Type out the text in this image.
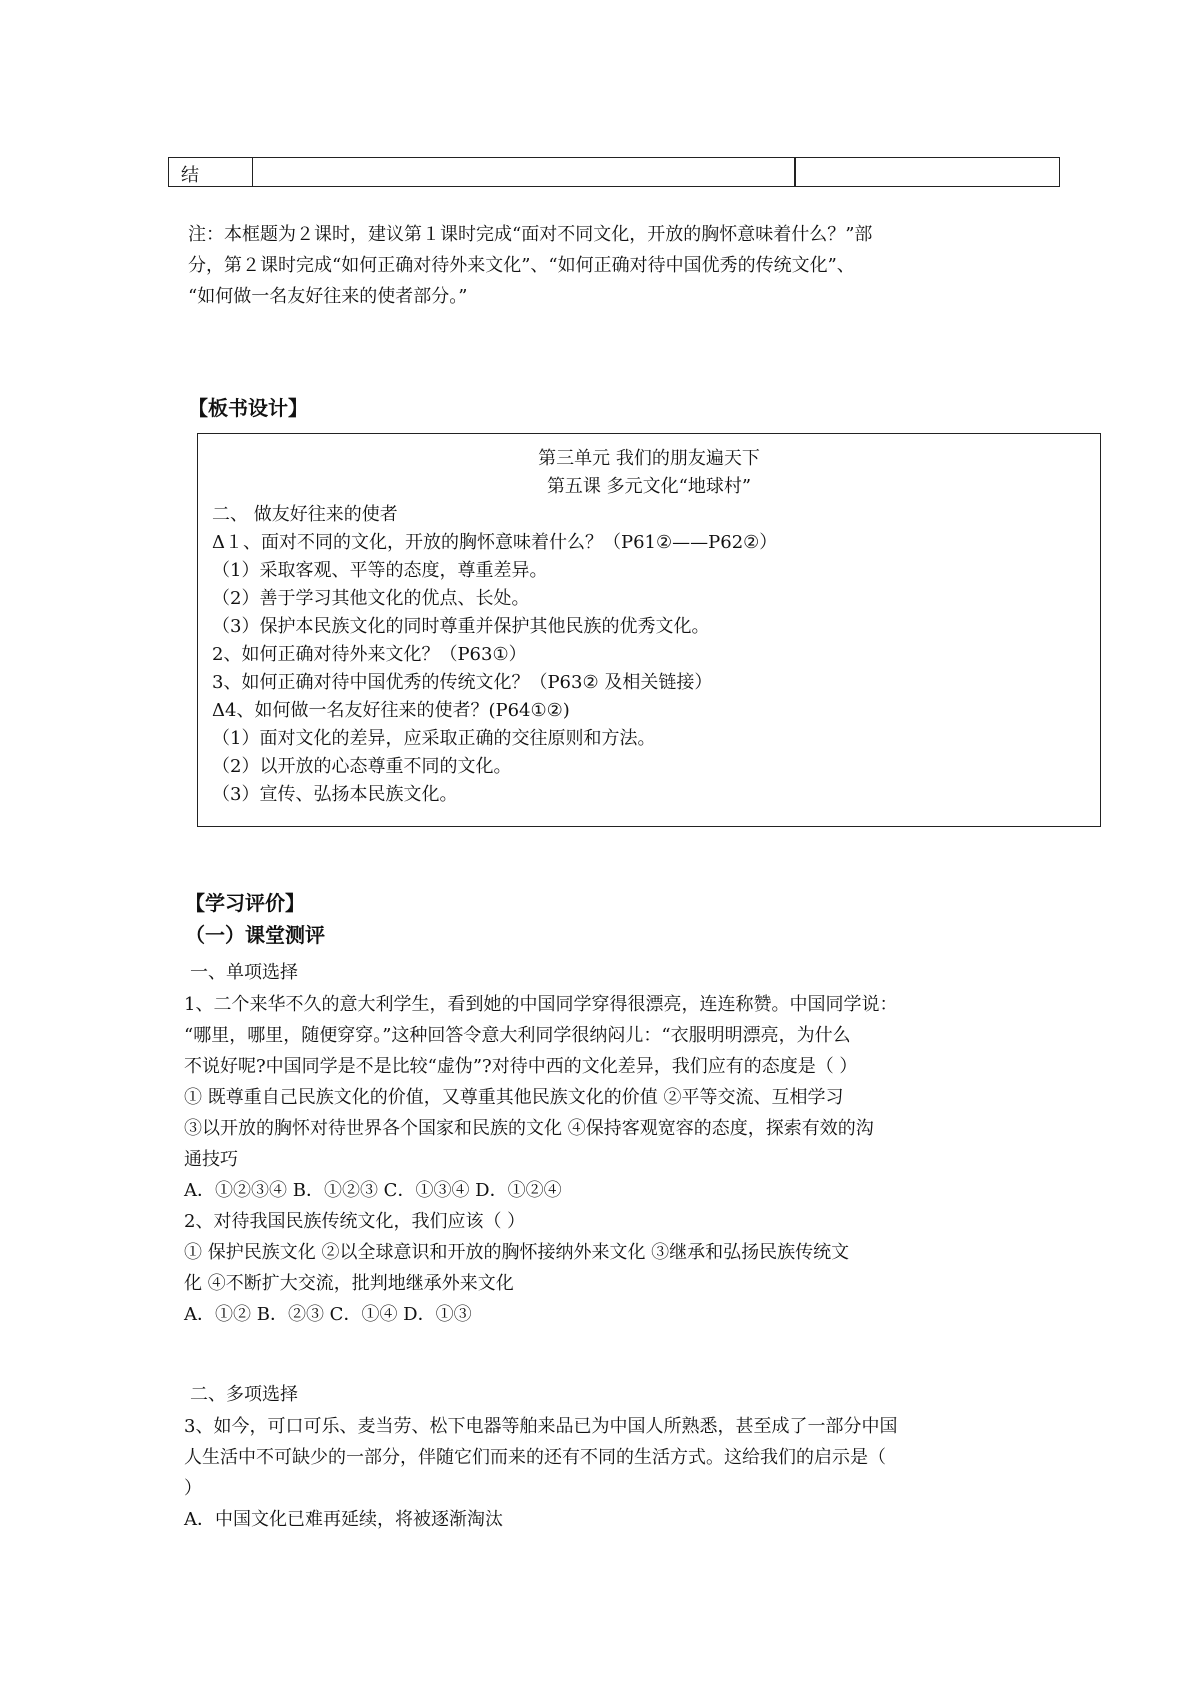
结
注：本框题为２课时，建议第１课时完成“面对不同文化，开放的胸怀意味着什么？”部
分，第２课时完成“如何正确对待外来文化”、“如何正确对待中国优秀的传统文化”、
“如何做一名友好往来的使者部分。”
【板书设计】
第三单元 我们的朋友遍天下
第五课 多元文化“地球村”
二、 做友好往来的使者
Δ１、面对不同的文化，开放的胸怀意味着什么？（P61②——P62②）
（1）采取客观、平等的态度，尊重差异。
（2）善于学习其他文化的优点、长处。
（3）保护本民族文化的同时尊重并保护其他民族的优秀文化。
2、如何正确对待外来文化？（P63①）
3、如何正确对待中国优秀的传统文化？（P63② 及相关链接）
Δ4、如何做一名友好往来的使者？(P64①②)
（1）面对文化的差异，应采取正确的交往原则和方法。
（2）以开放的心态尊重不同的文化。
（3）宣传、弘扬本民族文化。
【学习评价】
（一）课堂测评
一、单项选择
1、二个来华不久的意大利学生，看到她的中国同学穿得很漂亮，连连称赞。中国同学说：
“哪里，哪里，随便穿穿。”这种回答令意大利同学很纳闷儿：“衣服明明漂亮，为什么
不说好呢?中国同学是不是比较“虚伪”?对待中西的文化差异，我们应有的态度是（ ）
① 既尊重自己民族文化的价值，又尊重其他民族文化的价值 ②平等交流、互相学习
③以开放的胸怀对待世界各个国家和民族的文化 ④保持客观宽容的态度，探索有效的沟
通技巧
A．①②③④ B．①②③ C．①③④ D．①②④
2、对待我国民族传统文化，我们应该（ ）
① 保护民族文化 ②以全球意识和开放的胸怀接纳外来文化 ③继承和弘扬民族传统文
化 ④不断扩大交流，批判地继承外来文化
A．①② B．②③ C．①④ D．①③
二、多项选择
3、如今，可口可乐、麦当劳、松下电器等舶来品已为中国人所熟悉，甚至成了一部分中国
人生活中不可缺少的一部分，伴随它们而来的还有不同的生活方式。这给我们的启示是（
）
A．中国文化已难再延续，将被逐渐淘汰
